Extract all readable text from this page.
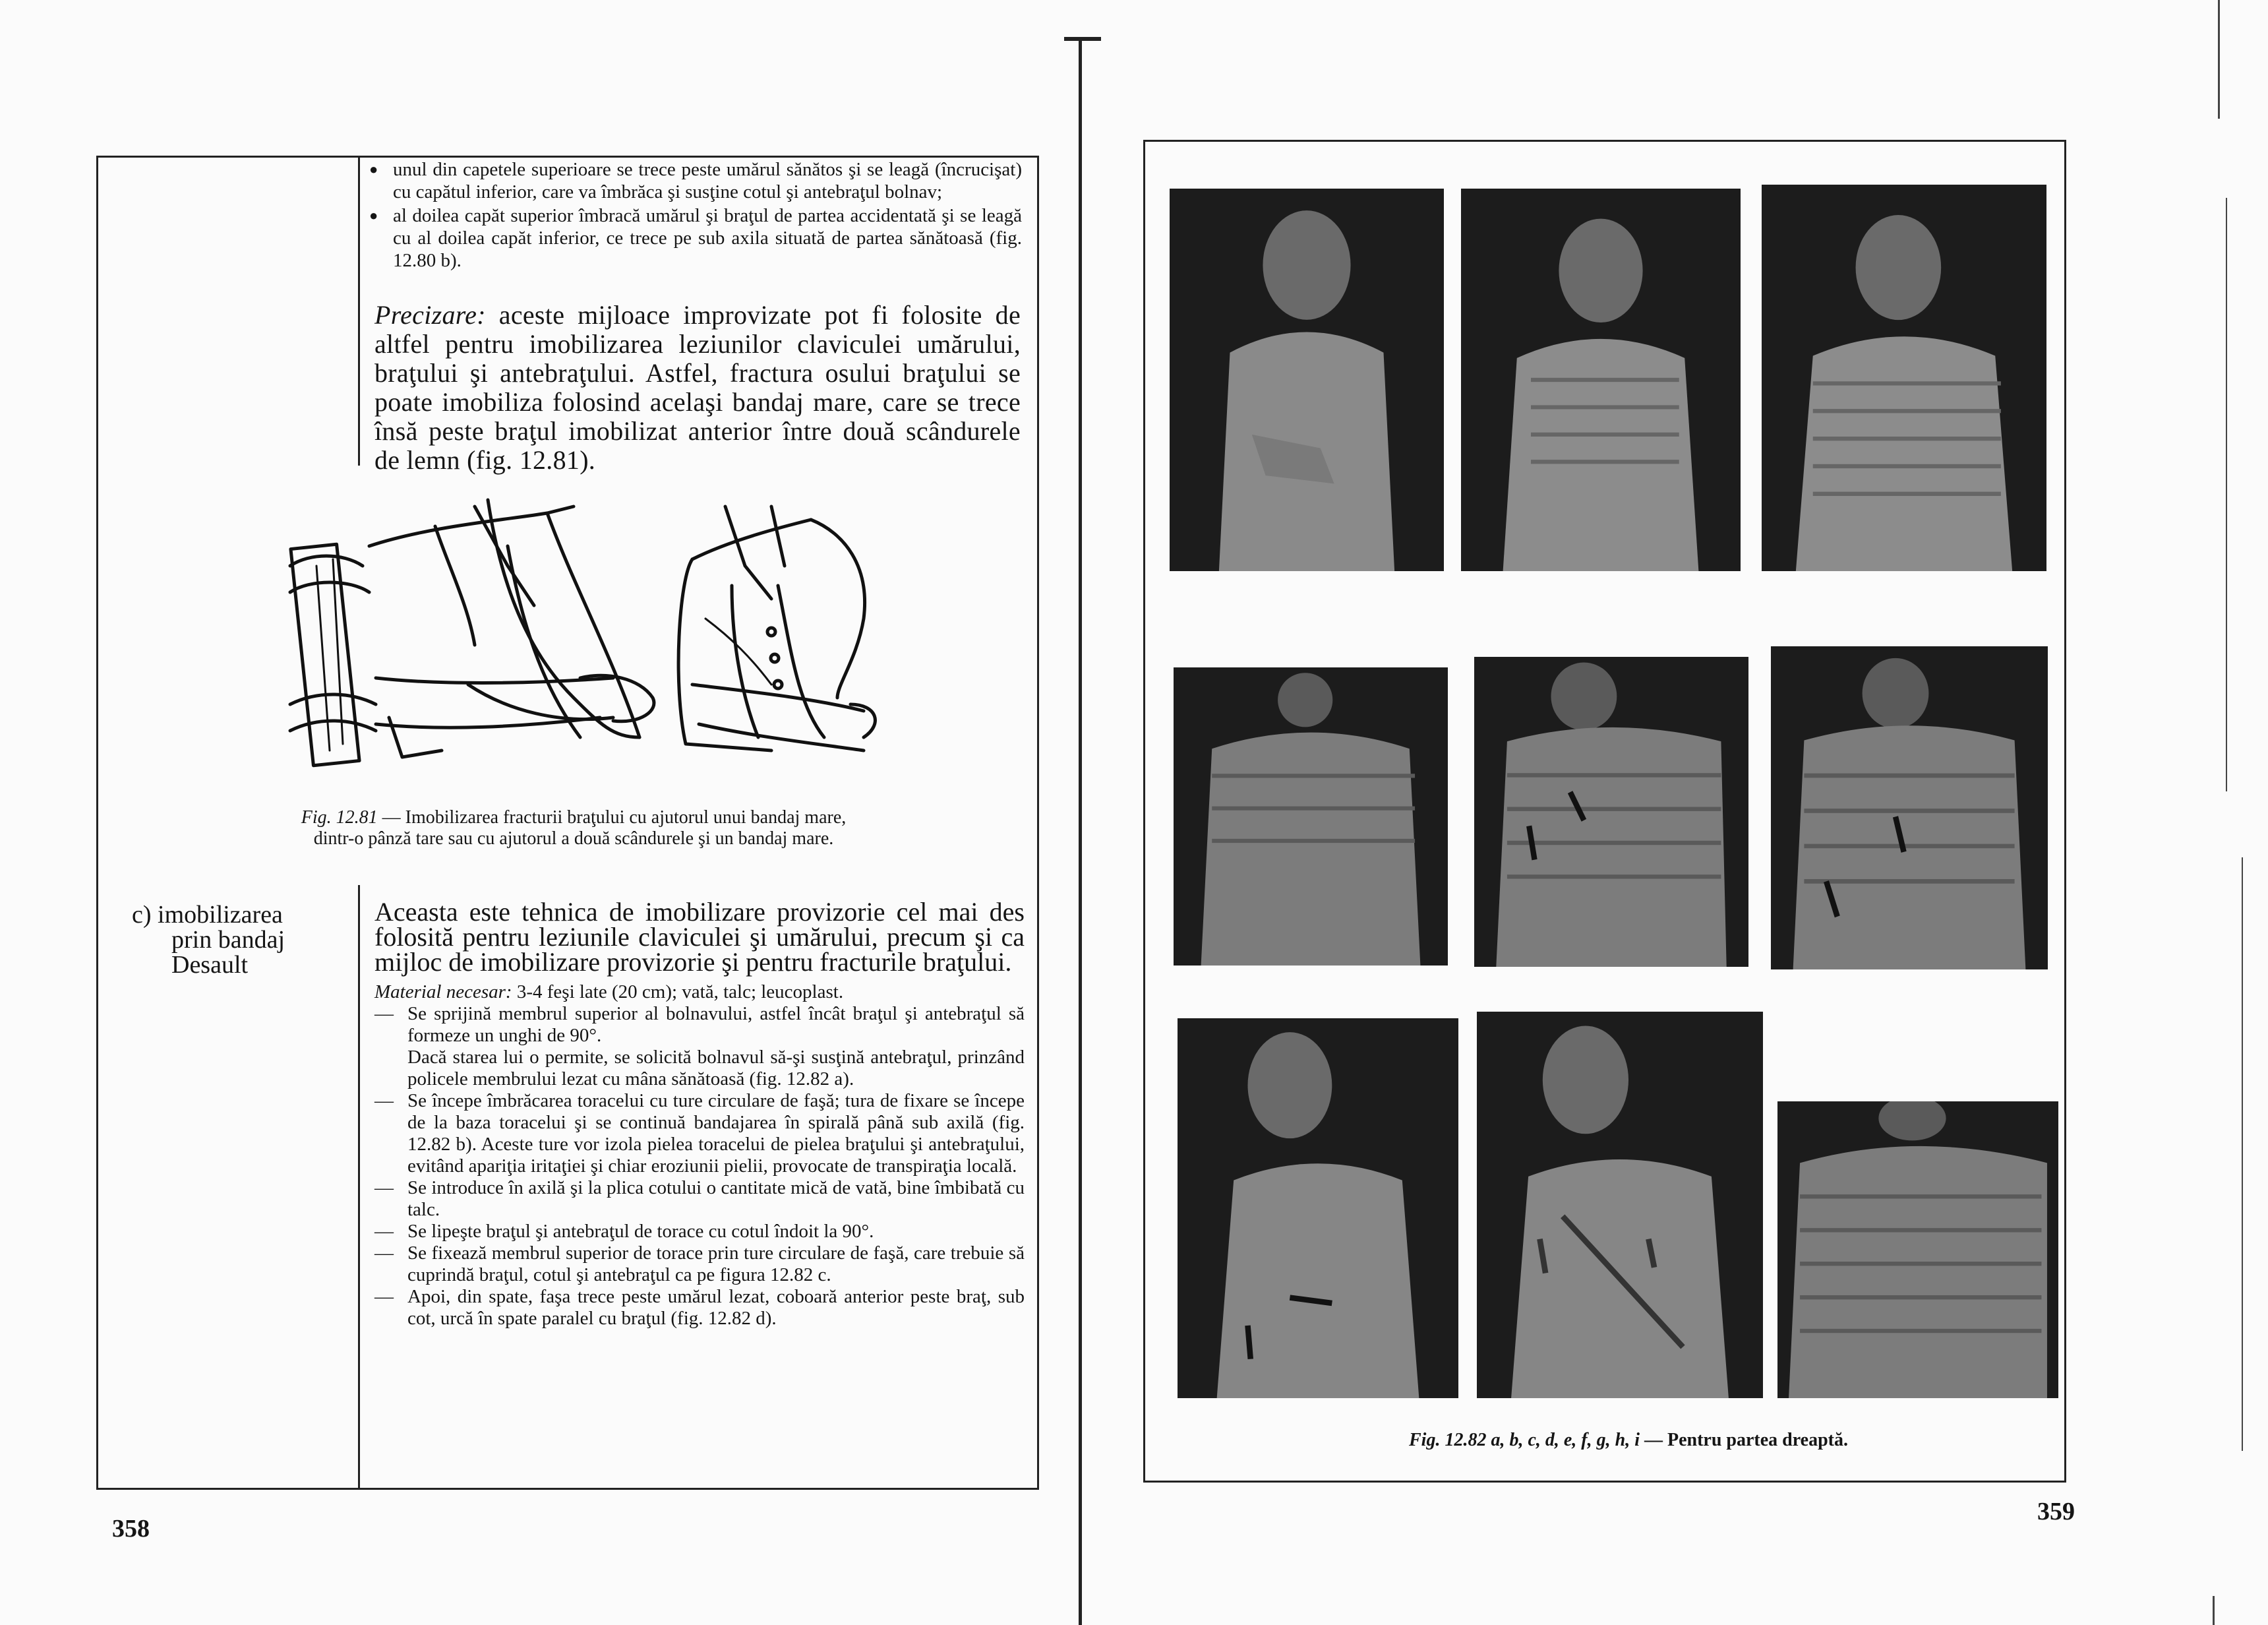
● unul din capetele superioare se trece peste umărul sănătos şi se leagă (încrucişat) cu capătul inferior, care va îmbrăca şi susţine cotul şi antebraţul bolnav;
● al doilea capăt superior îmbracă umărul şi braţul de partea accidentată şi se leagă cu al doilea capăt inferior, ce trece pe sub axila situată de partea sănătoasă (fig. 12.80 b).
Precizare: aceste mijloace improvizate pot fi folosite de altfel pentru imobilizarea leziunilor claviculei umărului, braţului şi antebraţului. Astfel, fractura osului braţului se poate imobiliza folosind acelaşi bandaj mare, care se trece însă peste braţul imobilizat anterior între două scândurele de lemn (fig. 12.81).
Fig. 12.81 — Imobilizarea fracturii braţului cu ajutorul unui bandaj mare, dintr-o pânză tare sau cu ajutorul a două scândurele şi un bandaj mare.
c) imobilizarea
prin bandaj
Desault
Aceasta este tehnica de imobilizare provizorie cel mai des folosită pentru leziunile claviculei şi umărului, precum şi ca mijloc de imobilizare provizorie şi pentru fracturile braţului.
Material necesar: 3-4 feşi late (20 cm); vată, talc; leucoplast.
— Se sprijină membrul superior al bolnavului, astfel încât braţul şi antebraţul să formeze un unghi de 90°.
Dacă starea lui o permite, se solicită bolnavul să-şi susţină antebraţul, prinzând policele membrului lezat cu mâna sănătoasă (fig. 12.82 a).
— Se începe îmbrăcarea toracelui cu ture circulare de faşă; tura de fixare se începe de la baza toracelui şi se continuă bandajarea în spirală până sub axilă (fig. 12.82 b). Aceste ture vor izola pielea toracelui de pielea braţului şi antebraţului, evitând apariţia iritaţiei şi chiar eroziunii pielii, provocate de transpiraţia locală.
— Se introduce în axilă şi la plica cotului o cantitate mică de vată, bine îmbibată cu talc.
— Se lipeşte braţul şi antebraţul de torace cu cotul îndoit la 90°.
— Se fixează membrul superior de torace prin ture circulare de faşă, care trebuie să cuprindă braţul, cotul şi antebraţul ca pe figura 12.82 c.
— Apoi, din spate, faşa trece peste umărul lezat, coboară anterior peste braţ, sub cot, urcă în spate paralel cu braţul (fig. 12.82 d).
358
Fig. 12.82 a, b, c, d, e, f, g, h, i — Pentru partea dreaptă.
359
